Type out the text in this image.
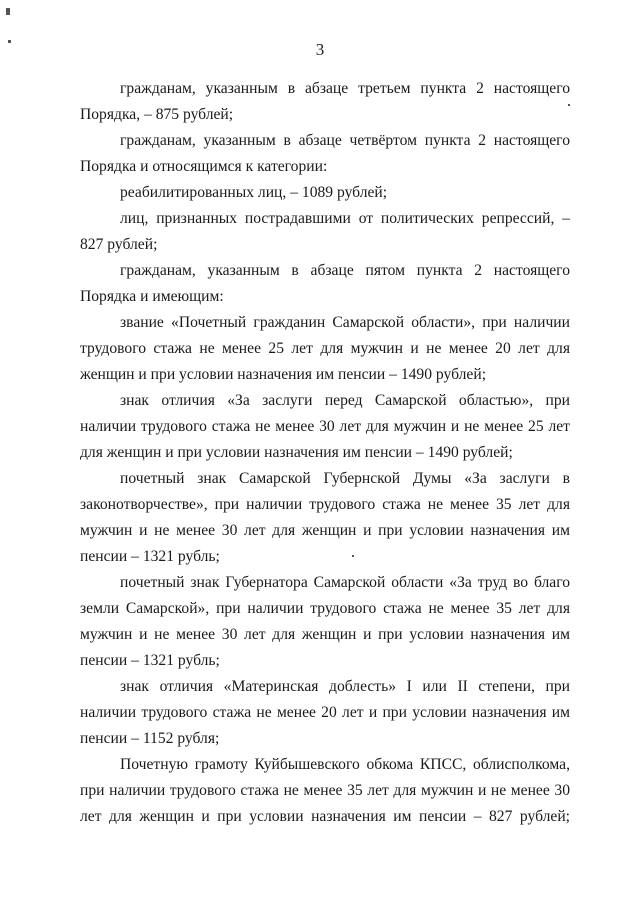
3

гражданам, указанным в абзаце третьем пункта 2 настоящего Порядка, – 875 рублей;

гражданам, указанным в абзаце четвёртом пункта 2 настоящего Порядка и относящимся к категории:

реабилитированных лиц, – 1089 рублей;

лиц, признанных пострадавшими от политических репрессий, – 827 рублей;

гражданам, указанным в абзаце пятом пункта 2 настоящего Порядка и имеющим:

звание «Почетный гражданин Самарской области», при наличии трудового стажа не менее 25 лет для мужчин и не менее 20 лет для женщин и при условии назначения им пенсии – 1490 рублей;

знак отличия «За заслуги перед Самарской областью», при наличии трудового стажа не менее 30 лет для мужчин и не менее 25 лет для женщин и при условии назначения им пенсии – 1490 рублей;

почетный знак Самарской Губернской Думы «За заслуги в законотворчестве», при наличии трудового стажа не менее 35 лет для мужчин и не менее 30 лет для женщин и при условии назначения им пенсии – 1321 рубль;

почетный знак Губернатора Самарской области «За труд во благо земли Самарской», при наличии трудового стажа не менее 35 лет для мужчин и не менее 30 лет для женщин и при условии назначения им пенсии – 1321 рубль;

знак отличия «Материнская доблесть» I или II степени, при наличии трудового стажа не менее 20 лет и при условии назначения им пенсии – 1152 рубля;

Почетную грамоту Куйбышевского обкома КПСС, облисполкома, при наличии трудового стажа не менее 35 лет для мужчин и не менее 30 лет для женщин и при условии назначения им пенсии – 827 рублей;
